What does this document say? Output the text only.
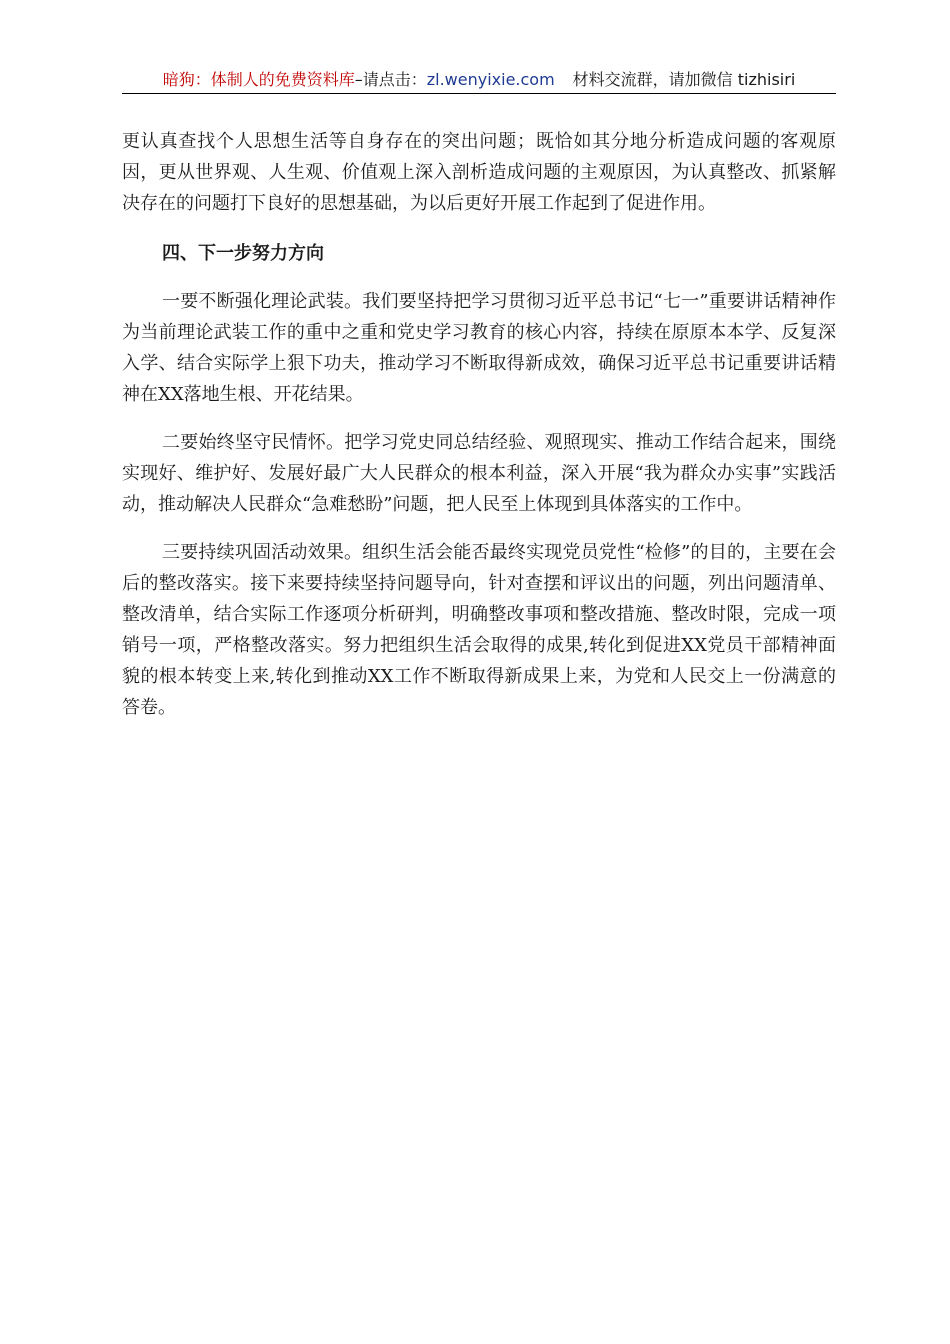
暗狗：体制人的免费资料库–请点击：zl.wenyixie.com 材料交流群，请加微信 tizhisiri

更认真查找个人思想生活等自身存在的突出问题；既恰如其分地分析造成问题的客观原因，更从世界观、人生观、价值观上深入剖析造成问题的主观原因，为认真整改、抓紧解决存在的问题打下良好的思想基础，为以后更好开展工作起到了促进作用。

四、下一步努力方向

一要不断强化理论武装。我们要坚持把学习贯彻习近平总书记“七一”重要讲话精神作为当前理论武装工作的重中之重和党史学习教育的核心内容，持续在原原本本学、反复深入学、结合实际学上狠下功夫，推动学习不断取得新成效，确保习近平总书记重要讲话精神在XX落地生根、开花结果。

二要始终坚守民情怀。把学习党史同总结经验、观照现实、推动工作结合起来，围绕实现好、维护好、发展好最广大人民群众的根本利益，深入开展“我为群众办实事”实践活动，推动解决人民群众“急难愁盼”问题，把人民至上体现到具体落实的工作中。

三要持续巩固活动效果。组织生活会能否最终实现党员党性“检修”的目的，主要在会后的整改落实。接下来要持续坚持问题导向，针对查摆和评议出的问题，列出问题清单、整改清单，结合实际工作逐项分析研判，明确整改事项和整改措施、整改时限，完成一项销号一项，严格整改落实。努力把组织生活会取得的成果,转化到促进XX党员干部精神面貌的根本转变上来,转化到推动XX工作不断取得新成果上来，为党和人民交上一份满意的答卷。
